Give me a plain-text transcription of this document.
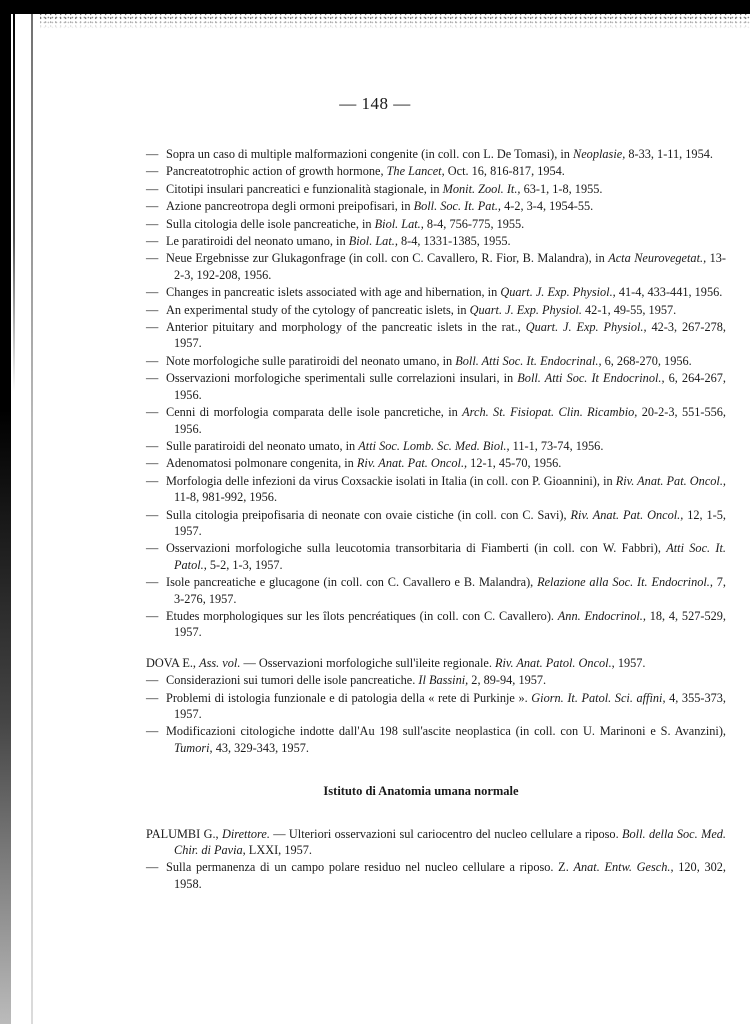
— 148 —

— Sopra un caso di multiple malformazioni congenite (in coll. con L. De Tomasi), in Neoplasie, 8-33, 1-11, 1954.

— Pancreatotrophic action of growth hormone, The Lancet, Oct. 16, 816-817, 1954.

— Citotipi insulari pancreatici e funzionalità stagionale, in Monit. Zool. It., 63-1, 1-8, 1955.

— Azione pancreotropa degli ormoni preipofisari, in Boll. Soc. It. Pat., 4-2, 3-4, 1954-55.

— Sulla citologia delle isole pancreatiche, in Biol. Lat., 8-4, 756-775, 1955.

— Le paratiroidi del neonato umano, in Biol. Lat., 8-4, 1331-1385, 1955.

— Neue Ergebnisse zur Glukagonfrage (in coll. con C. Cavallero, R. Fior, B. Malandra), in Acta Neurovegetat., 13-2-3, 192-208, 1956.

— Changes in pancreatic islets associated with age and hibernation, in Quart. J. Exp. Physiol., 41-4, 433-441, 1956.

— An experimental study of the cytology of pancreatic islets, in Quart. J. Exp. Physiol. 42-1, 49-55, 1957.

— Anterior pituitary and morphology of the pancreatic islets in the rat., Quart. J. Exp. Physiol., 42-3, 267-278, 1957.

— Note morfologiche sulle paratiroidi del neonato umano, in Boll. Atti Soc. It. Endocrinal., 6, 268-270, 1956.

— Osservazioni morfologiche sperimentali sulle correlazioni insulari, in Boll. Atti Soc. It Endocrinol., 6, 264-267, 1956.

— Cenni di morfologia comparata delle isole pancretiche, in Arch. St. Fisiopat. Clin. Ricambio, 20-2-3, 551-556, 1956.

— Sulle paratiroidi del neonato umato, in Atti Soc. Lomb. Sc. Med. Biol., 11-1, 73-74, 1956.

— Adenomatosi polmonare congenita, in Riv. Anat. Pat. Oncol., 12-1, 45-70, 1956.

— Morfologia delle infezioni da virus Coxsackie isolati in Italia (in coll. con P. Gioannini), in Riv. Anat. Pat. Oncol., 11-8, 981-992, 1956.

— Sulla citologia preipofisaria di neonate con ovaie cistiche (in coll. con C. Savi), Riv. Anat. Pat. Oncol., 12, 1-5, 1957.

— Osservazioni morfologiche sulla leucotomia transorbitaria di Fiamberti (in coll. con W. Fabbri), Atti Soc. It. Patol., 5-2, 1-3, 1957.

— Isole pancreatiche e glucagone (in coll. con C. Cavallero e B. Malandra), Relazione alla Soc. It. Endocrinol., 7, 3-276, 1957.

— Etudes morphologiques sur les îlots pencréatiques (in coll. con C. Cavallero). Ann. Endocrinol., 18, 4, 527-529, 1957.

DOVA E., Ass. vol. — Osservazioni morfologiche sull'ileite regionale. Riv. Anat. Patol. Oncol., 1957.

— Considerazioni sui tumori delle isole pancreatiche. Il Bassini, 2, 89-94, 1957.

— Problemi di istologia funzionale e di patologia della « rete di Purkinje ». Giorn. It. Patol. Sci. affini, 4, 355-373, 1957.

— Modificazioni citologiche indotte dall'Au 198 sull'ascite neoplastica (in coll. con U. Marinoni e S. Avanzini), Tumori, 43, 329-343, 1957.

Istituto di Anatomia umana normale

PALUMBI G., Direttore. — Ulteriori osservazioni sul cariocentro del nucleo cellulare a riposo. Boll. della Soc. Med. Chir. di Pavia, LXXI, 1957.

— Sulla permanenza di un campo polare residuo nel nucleo cellulare a riposo. Z. Anat. Entw. Gesch., 120, 302, 1958.
